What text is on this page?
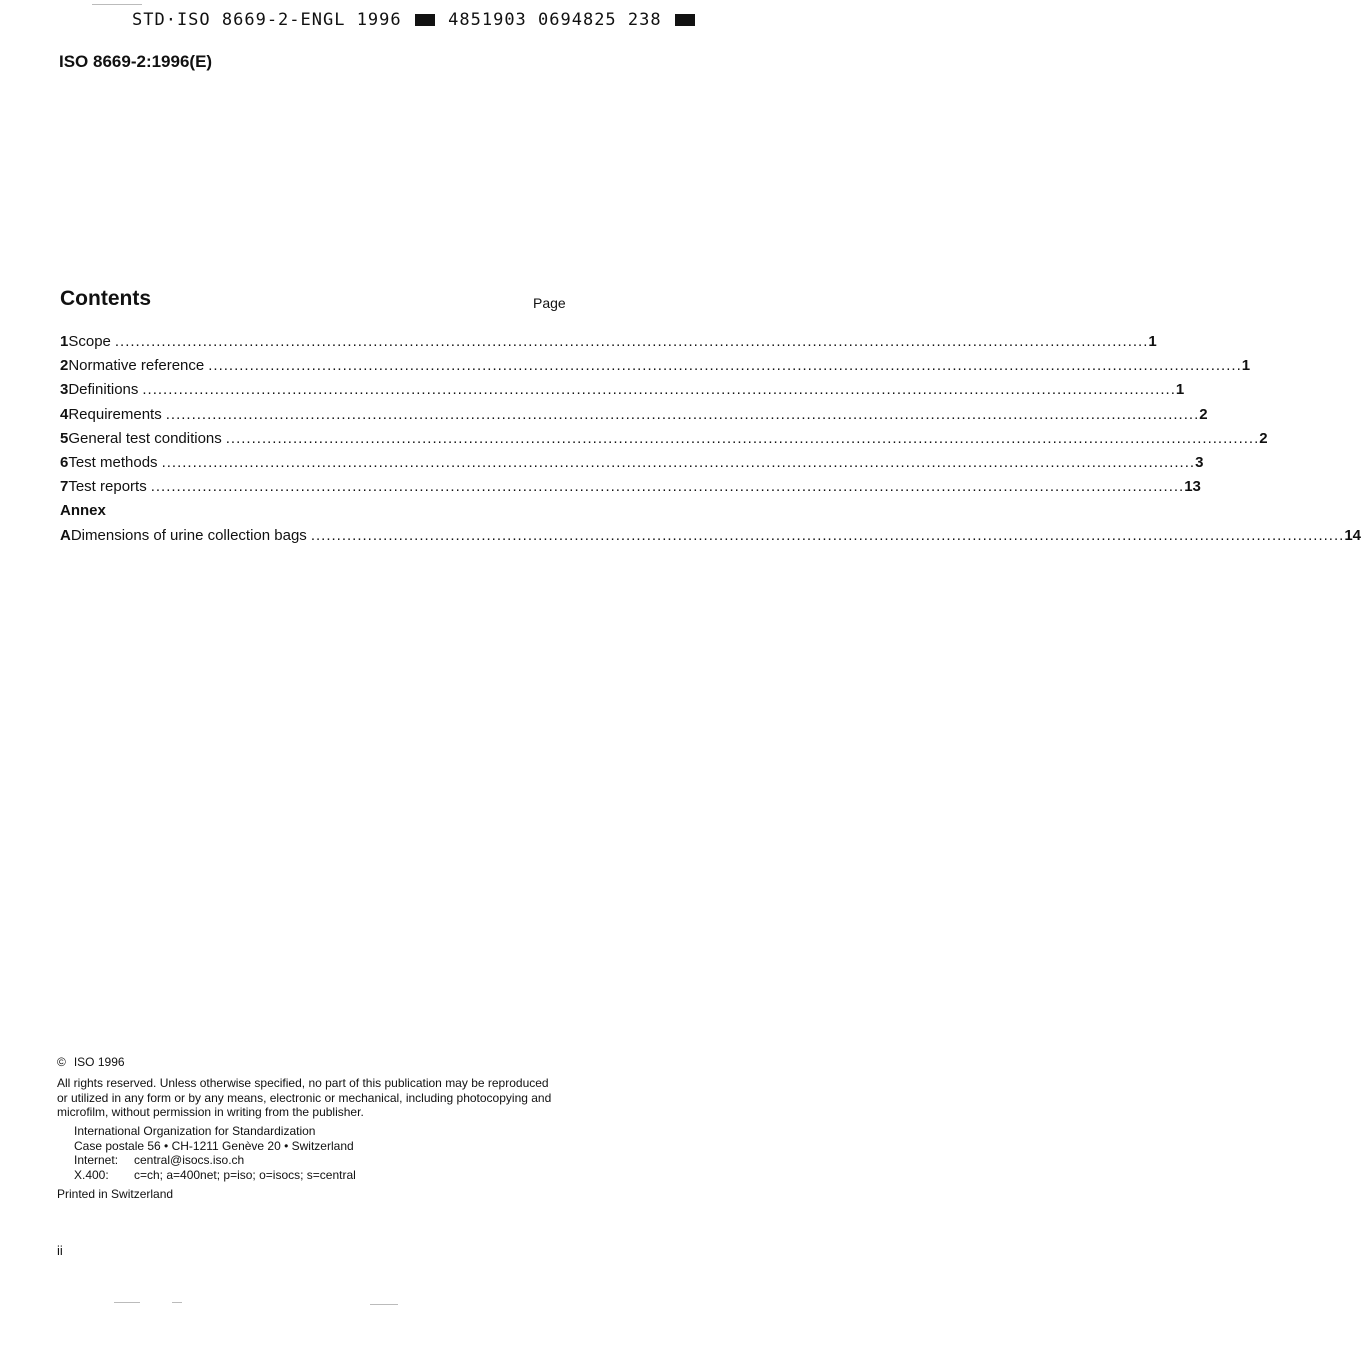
STD·ISO 8669-2-ENGL 1996	4851903 0694825 238
ISO 8669-2:1996(E)
Contents	Page
1 Scope ........................................................................................................................................................................................................ 1
2 Normative reference ........................................................................................................................................................................................................ 1
3 Definitions ........................................................................................................................................................................................................ 1
4 Requirements ........................................................................................................................................................................................................ 2
5 General test conditions ........................................................................................................................................................................................................ 2
6 Test methods ........................................................................................................................................................................................................ 3
7 Test reports ........................................................................................................................................................................................................ 13
Annex
A Dimensions of urine collection bags ........................................................................................................................................................................................................ 14
© ISO 1996
All rights reserved. Unless otherwise specified, no part of this publication may be reproduced
or utilized in any form or by any means, electronic or mechanical, including photocopying and
microfilm, without permission in writing from the publisher.
International Organization for Standardization
Case postale 56 • CH-1211 Genève 20 • Switzerland
Internet: central@isocs.iso.ch
X.400: c=ch; a=400net; p=iso; o=isocs; s=central
Printed in Switzerland
ii
